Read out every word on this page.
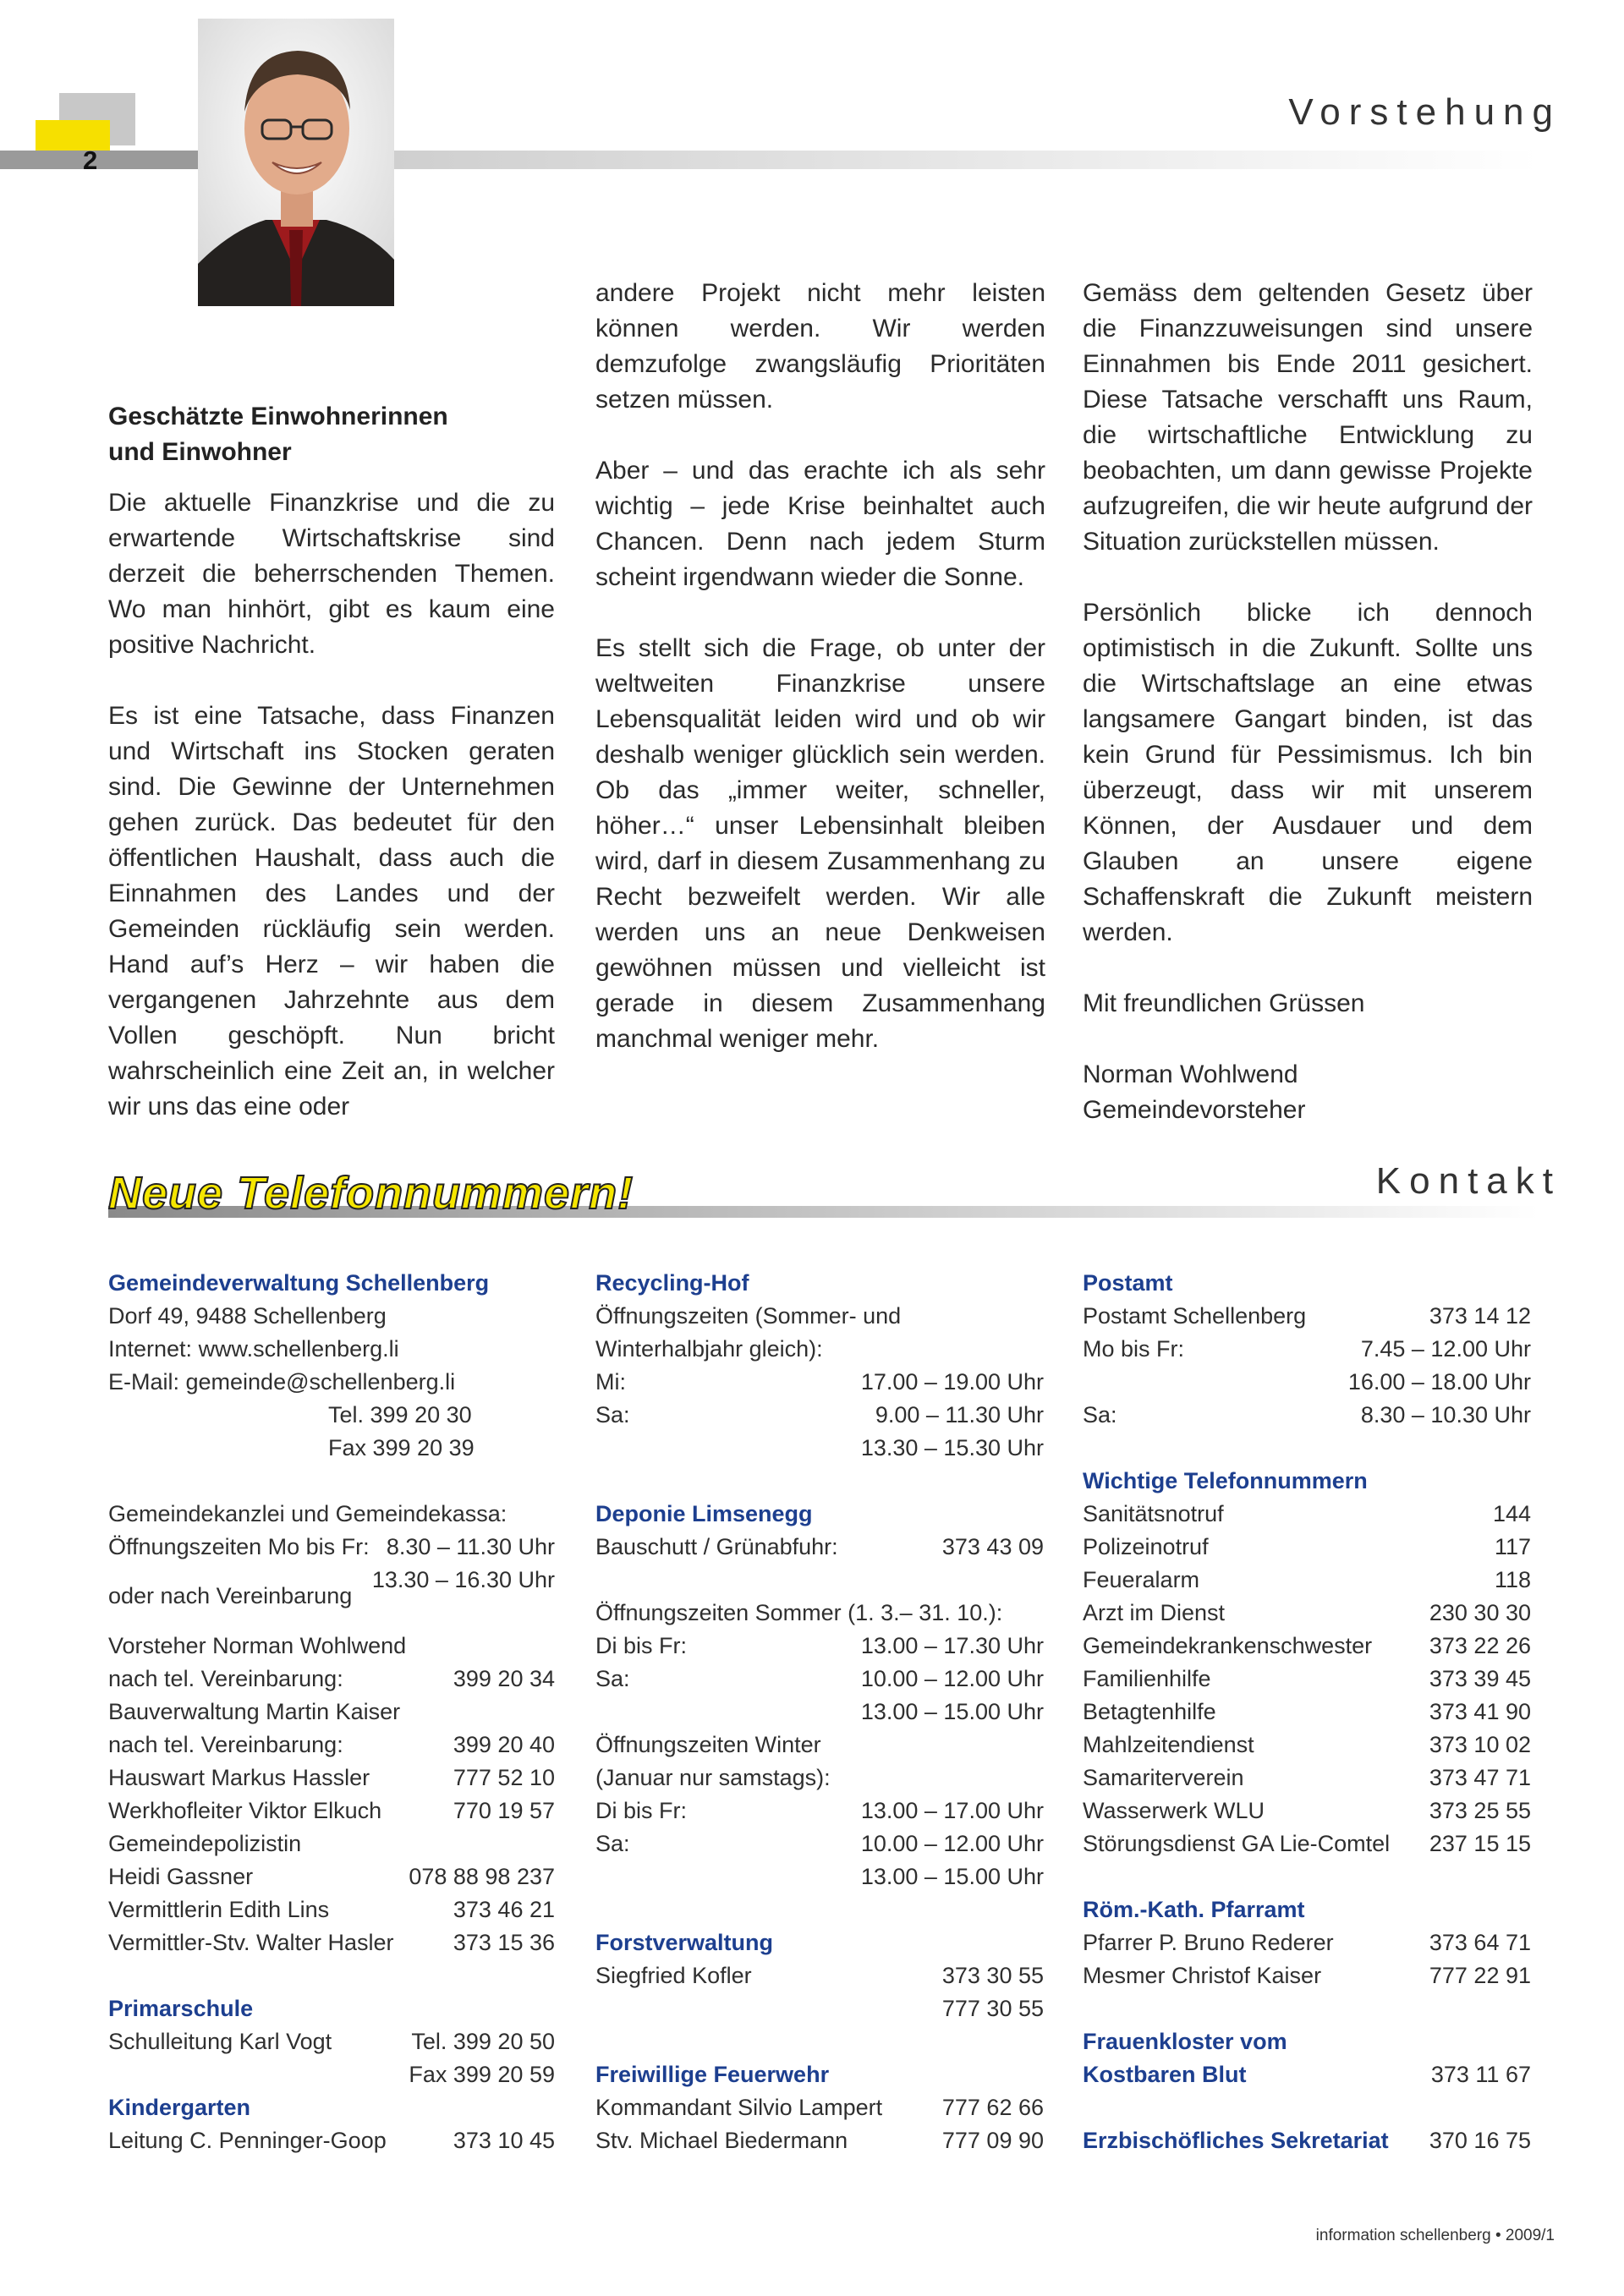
2
Vorstehung
Geschätzte Einwohnerinnen
und Einwohner

Die aktuelle Finanzkrise und die zu erwartende Wirtschaftskrise sind derzeit die beherrschenden Themen. Wo man hinhört, gibt es kaum eine positive Nachricht.

Es ist eine Tatsache, dass Finanzen und Wirtschaft ins Stocken geraten sind. Die Gewinne der Unternehmen gehen zurück. Das bedeutet für den öffentlichen Haushalt, dass auch die Einnahmen des Landes und der Gemeinden rückläufig sein werden. Hand auf’s Herz – wir haben die vergangenen Jahrzehnte aus dem Vollen geschöpft. Nun bricht wahrscheinlich eine Zeit an, in welcher wir uns das eine oder

andere Projekt nicht mehr leisten können werden. Wir werden demzufolge zwangsläufig Prioritäten setzen müssen.

Aber – und das erachte ich als sehr wichtig – jede Krise beinhaltet auch Chancen. Denn nach jedem Sturm scheint irgendwann wieder die Sonne.

Es stellt sich die Frage, ob unter der weltweiten Finanzkrise unsere Lebensqualität leiden wird und ob wir deshalb weniger glücklich sein werden. Ob das „immer weiter, schneller, höher…“ unser Lebensinhalt bleiben wird, darf in diesem Zusammenhang zu Recht bezweifelt werden. Wir alle werden uns an neue Denkweisen gewöhnen müssen und vielleicht ist gerade in diesem Zusammenhang manchmal weniger mehr.

Gemäss dem geltenden Gesetz über die Finanzzuweisungen sind unsere Einnahmen bis Ende 2011 gesichert. Diese Tatsache verschafft uns Raum, die wirtschaftliche Entwicklung zu beobachten, um dann gewisse Projekte aufzugreifen, die wir heute aufgrund der Situation zurückstellen müssen.

Persönlich blicke ich dennoch optimistisch in die Zukunft. Sollte uns die Wirtschaftslage an eine etwas langsamere Gangart binden, ist das kein Grund für Pessimismus. Ich bin überzeugt, dass wir mit unserem Können, der Ausdauer und dem Glauben an unsere eigene Schaffenskraft die Zukunft meistern werden.

Mit freundlichen Grüssen

Norman Wohlwend

Gemeindevorsteher

Neue Telefonnummern!	Kontakt
Gemeindeverwaltung Schellenberg
Dorf 49, 9488 Schellenberg
Internet: www.schellenberg.li
E-Mail: gemeinde@schellenberg.li
Tel. 399 20 30
Fax 399 20 39
Gemeindekanzlei und Gemeindekassa:
Öffnungszeiten Mo bis Fr: 8.30 – 11.30 Uhr
oder nach Vereinbarung
13.30 – 16.30 Uhr
Vorsteher Norman Wohlwend
nach tel. Vereinbarung:	399 20 34
Bauverwaltung Martin Kaiser
nach tel. Vereinbarung:	399 20 40
Hauswart Markus Hassler	777 52 10
Werkhofleiter Viktor Elkuch	770 19 57
Gemeindepolizistin
Heidi Gassner	078 88 98 237
Vermittlerin Edith Lins	373 46 21
Vermittler-Stv. Walter Hasler	373 15 36
Primarschule
Schulleitung Karl Vogt	Tel. 399 20 50
Fax 399 20 59
Kindergarten
Leitung C. Penninger-Goop	373 10 45
Recycling-Hof
Öffnungszeiten (Sommer- und
Winterhalbjahr gleich):
Mi:	17.00 – 19.00 Uhr
Sa:	9.00 – 11.30 Uhr
13.30 – 15.30 Uhr
Deponie Limsenegg
Bauschutt / Grünabfuhr:	373 43 09
Öffnungszeiten Sommer (1. 3.– 31. 10.):
Di bis Fr:	13.00 – 17.30 Uhr
Sa:	10.00 – 12.00 Uhr
13.00 – 15.00 Uhr
Öffnungszeiten Winter
(Januar nur samstags):
Di bis Fr:	13.00 – 17.00 Uhr
Sa:	10.00 – 12.00 Uhr
13.00 – 15.00 Uhr
Forstverwaltung
Siegfried Kofler	373 30 55
777 30 55
Freiwillige Feuerwehr
Kommandant Silvio Lampert	777 62 66
Stv. Michael Biedermann	777 09 90
Postamt
Postamt Schellenberg	373 14 12
Mo bis Fr:	7.45 – 12.00 Uhr
16.00 – 18.00 Uhr
Sa:	8.30 – 10.30 Uhr
Wichtige Telefonnummern
Sanitätsnotruf	144
Polizeinotruf	117
Feueralarm	118
Arzt im Dienst	230 30 30
Gemeindekrankenschwester	373 22 26
Familienhilfe	373 39 45
Betagtenhilfe	373 41 90
Mahlzeitendienst	373 10 02
Samariterverein	373 47 71
Wasserwerk WLU	373 25 55
Störungsdienst GA Lie-Comtel 237 15 15
Röm.-Kath. Pfarramt
Pfarrer P. Bruno Rederer	373 64 71
Mesmer Christof Kaiser	777 22 91
Frauenkloster vom
Kostbaren Blut	373 11 67
Erzbischöfliches Sekretariat 370 16 75
information schellenberg • 2009/1
